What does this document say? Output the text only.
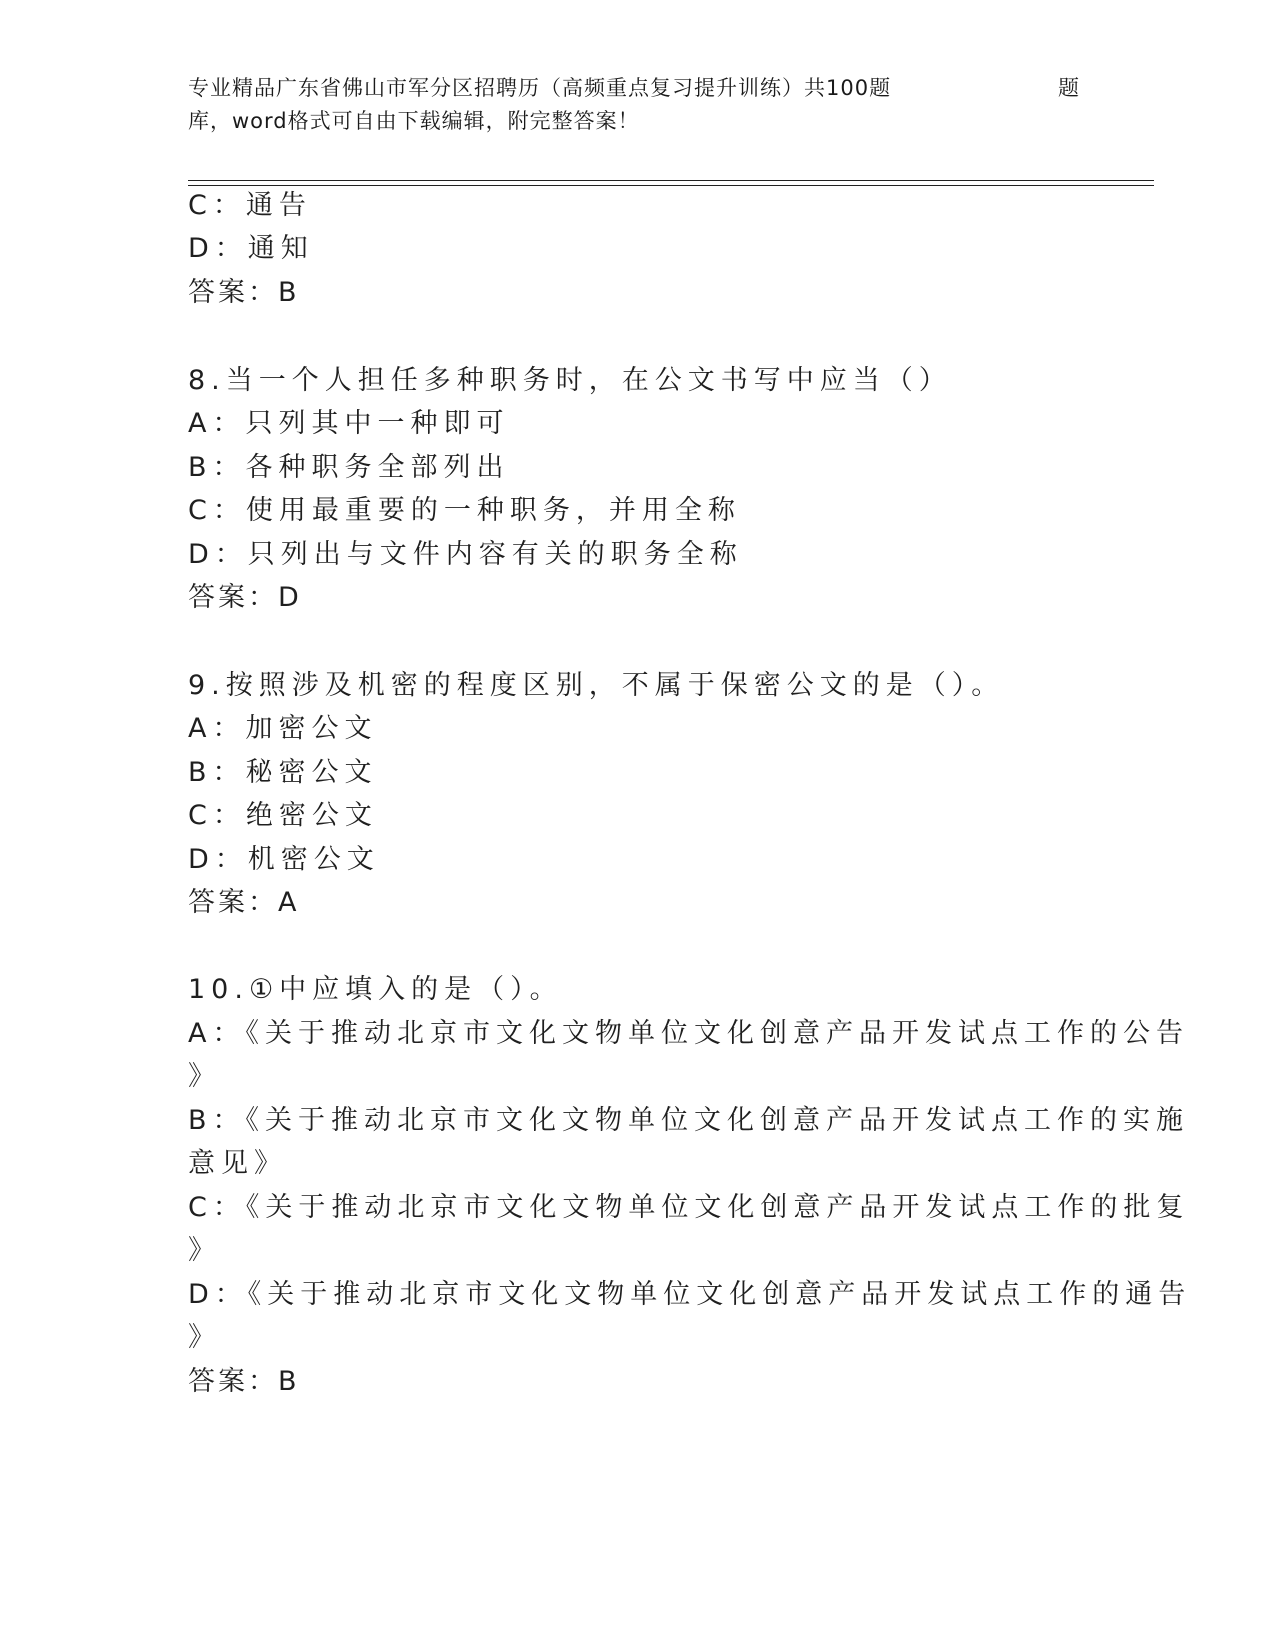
专业精品广东省佛山市军分区招聘历（高频重点复习提升训练）共100题	题
库，word格式可自由下载编辑，附完整答案！
C：通告
D：通知
答案：B
8.当一个人担任多种职务时，在公文书写中应当（）
A：只列其中一种即可
B：各种职务全部列出
C：使用最重要的一种职务，并用全称
D：只列出与文件内容有关的职务全称
答案：D
9.按照涉及机密的程度区别，不属于保密公文的是（）。
A：加密公文
B：秘密公文
C：绝密公文
D：机密公文
答案：A
10.①中应填入的是（）。
A：《关于推动北京市文化文物单位文化创意产品开发试点工作的公告
》
B：《关于推动北京市文化文物单位文化创意产品开发试点工作的实施
意见》
C：《关于推动北京市文化文物单位文化创意产品开发试点工作的批复
》
D：《关于推动北京市文化文物单位文化创意产品开发试点工作的通告
》
答案：B
